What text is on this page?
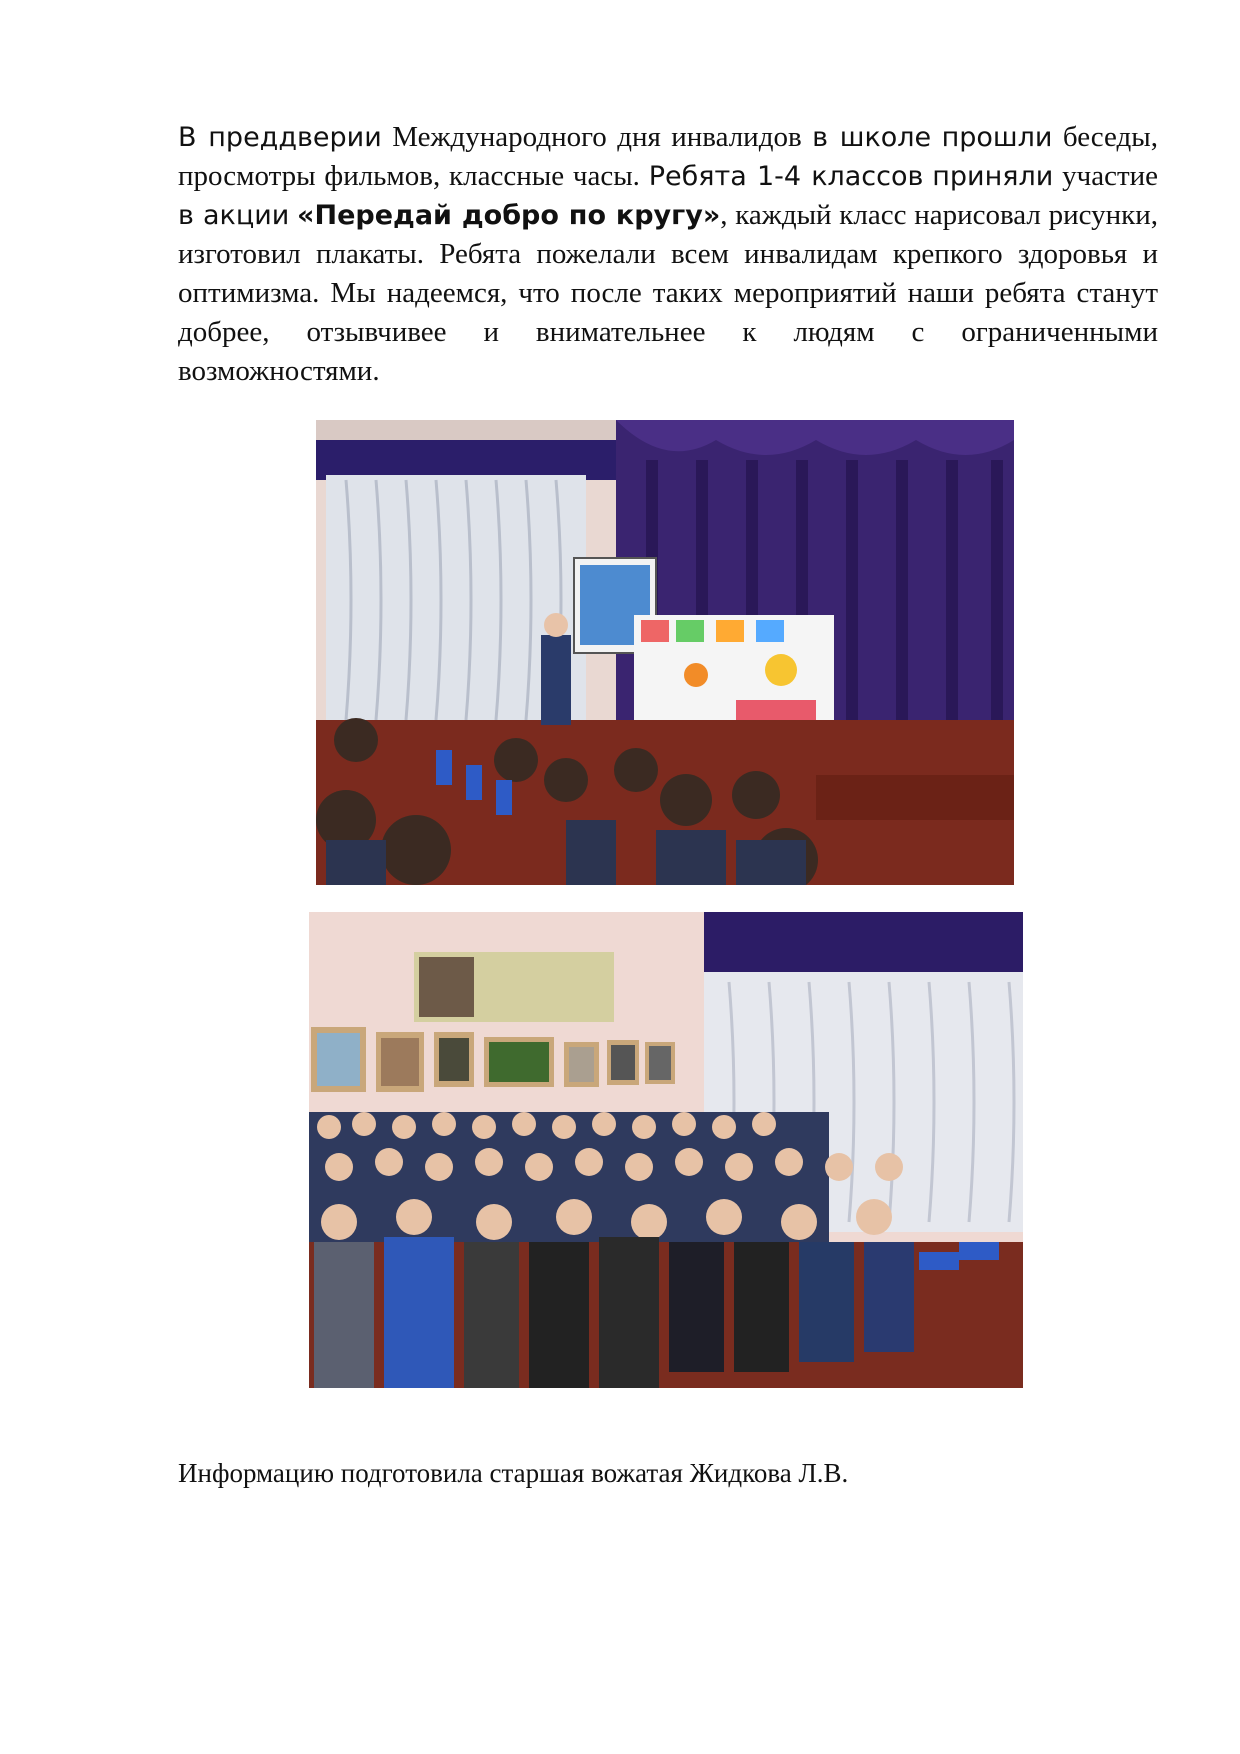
В преддверии Международного дня инвалидов в школе прошли беседы, просмотры фильмов, классные часы. Ребята 1-4 классов приняли участие в акции «Передай добро по кругу», каждый класс нарисовал рисунки, изготовил плакаты. Ребята пожелали всем инвалидам крепкого здоровья и оптимизма. Мы надеемся, что после таких мероприятий наши ребята станут добрее, отзывчивее и внимательнее к людям с ограниченными возможностями.

Информацию подготовила старшая вожатая Жидкова Л.В.
